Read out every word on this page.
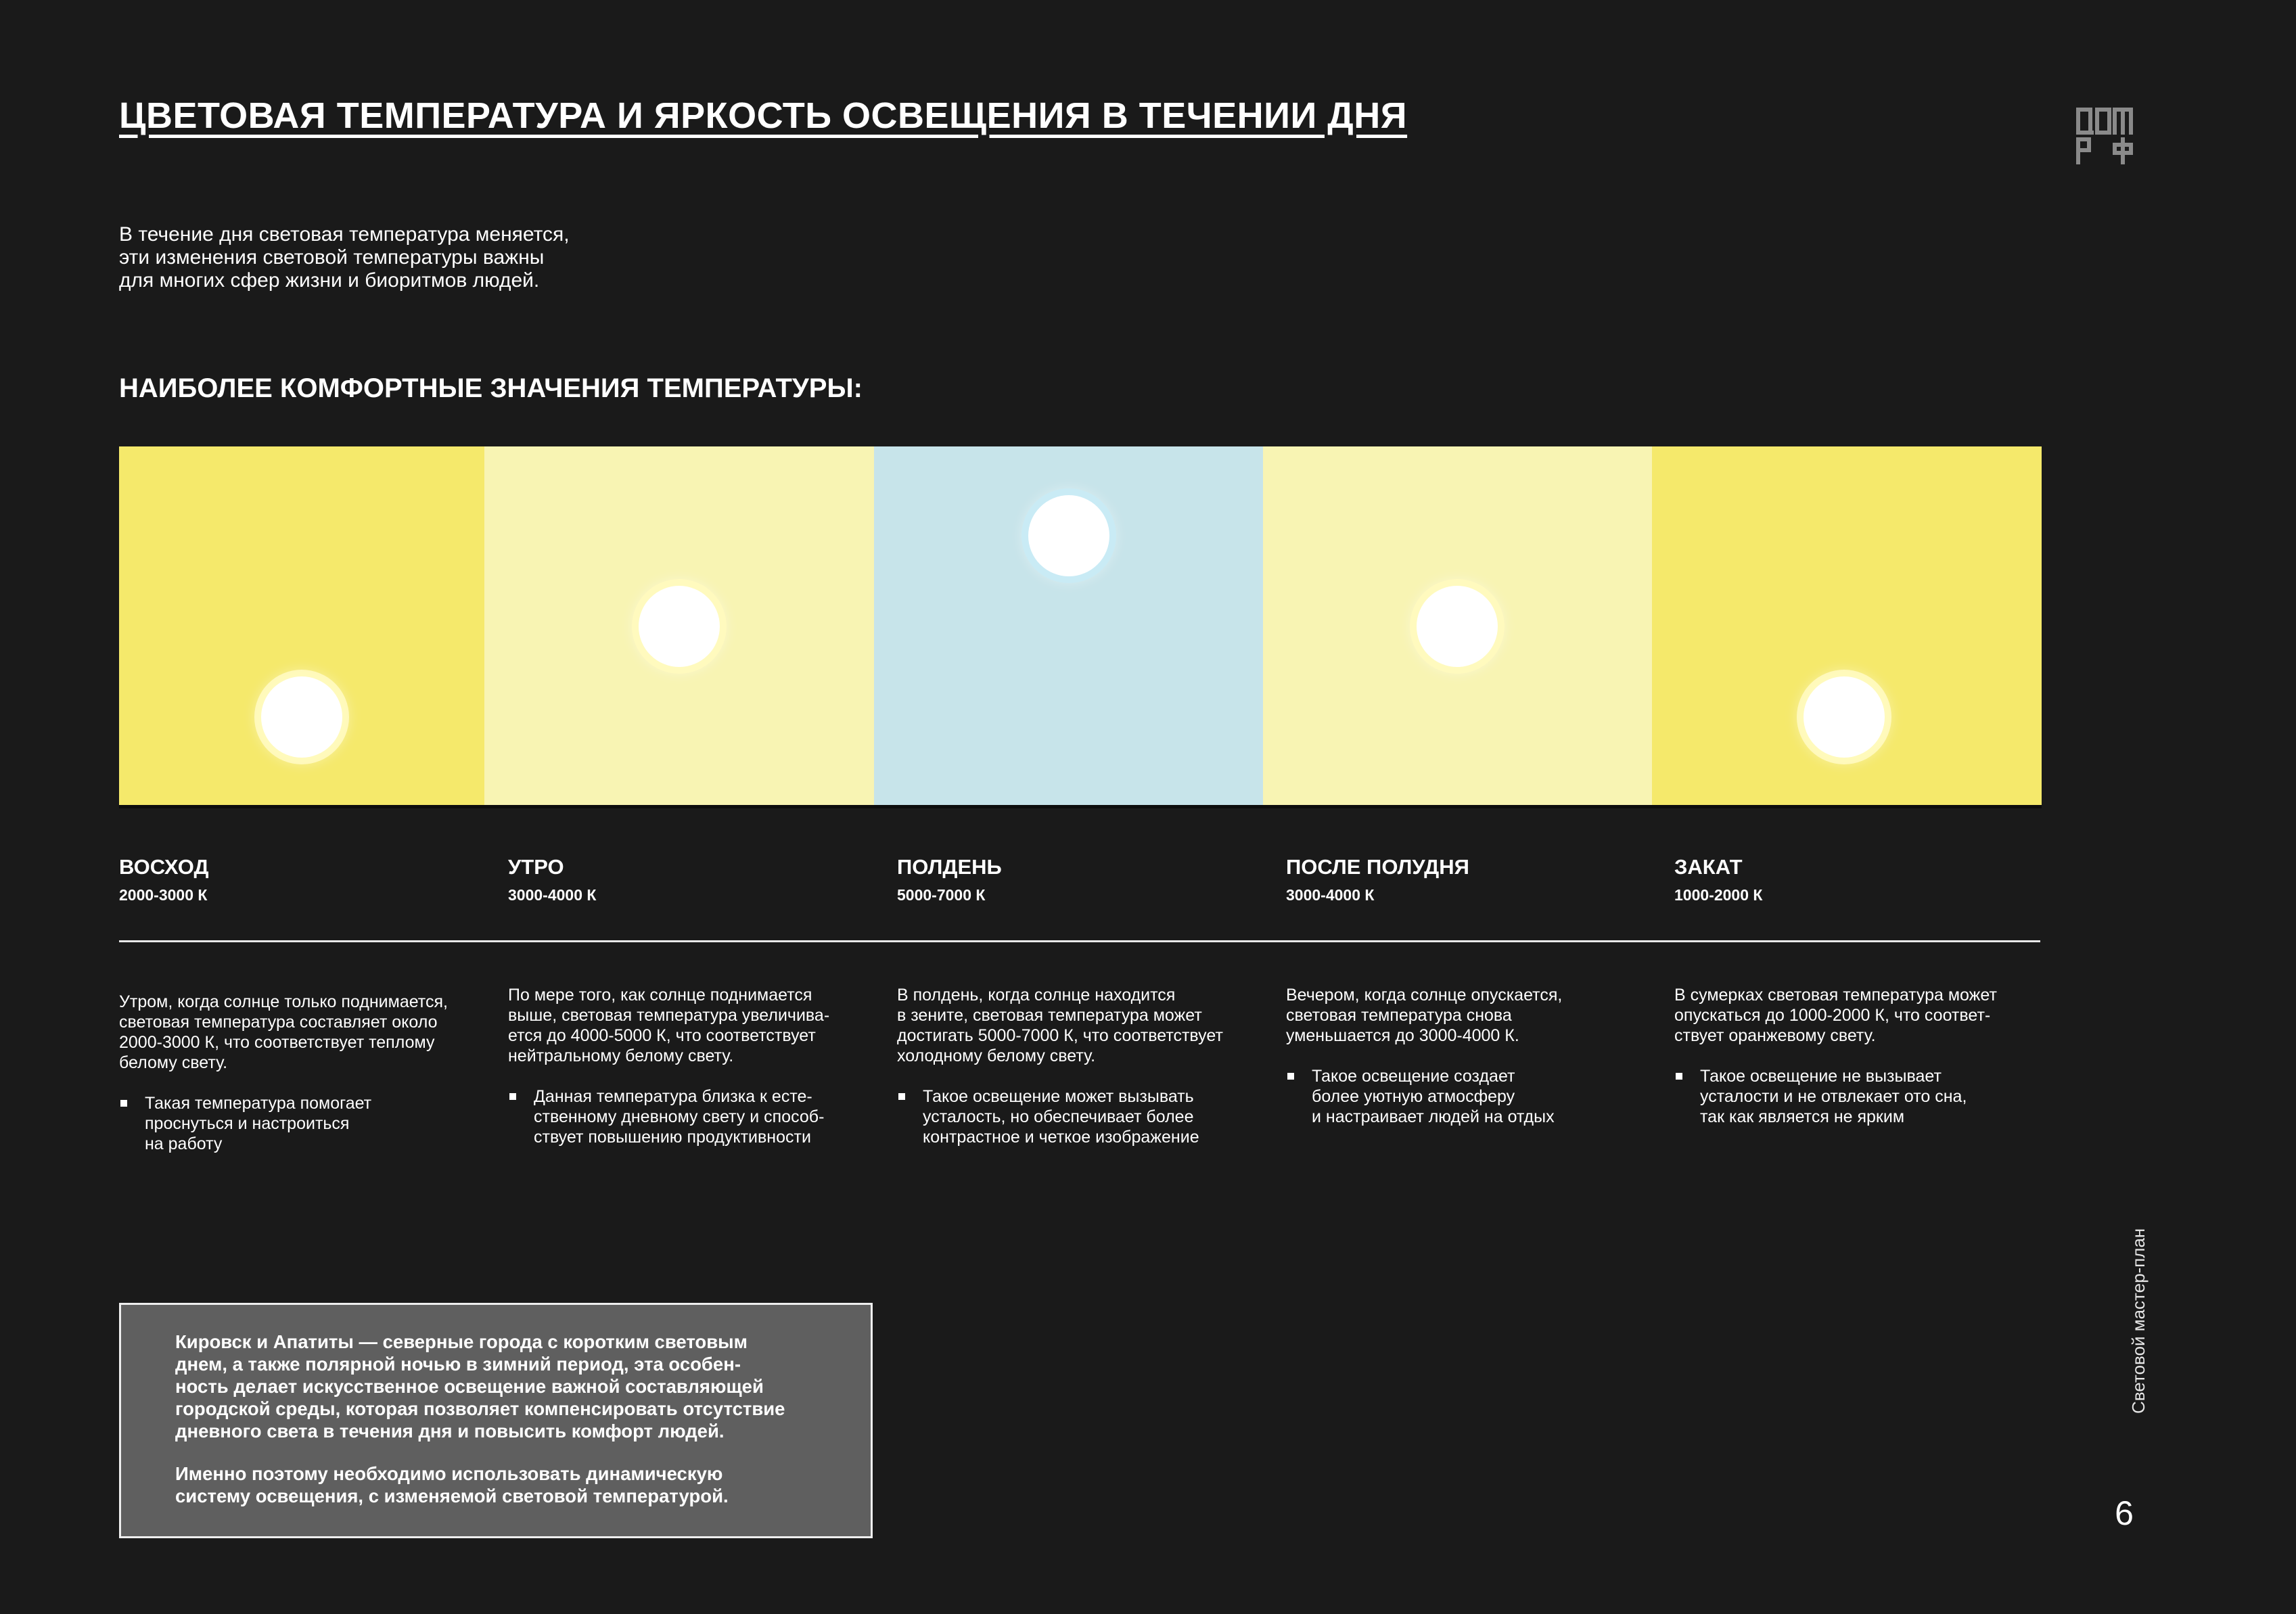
ЦВЕТОВАЯ ТЕМПЕРАТУРА И ЯРКОСТЬ ОСВЕЩЕНИЯ В ТЕЧЕНИИ ДНЯ

В течение дня световая температура меняется,

эти изменения световой температуры важны

для многих сфер жизни и биоритмов людей.

НАИБОЛЕЕ КОМФОРТНЫЕ ЗНАЧЕНИЯ ТЕМПЕРАТУРЫ:

ВОСХОД

2000-3000 К

УТРО

3000-4000 К

ПОЛДЕНЬ

5000-7000 К

ПОСЛЕ ПОЛУДНЯ

3000-4000 К

ЗАКАТ

1000-2000 К

Утром, когда солнце только поднимается,
световая температура составляет около
2000-3000 К, что соответствует теплому
белому свету.

Такая температура помогает
проснуться и настроиться
на работу

По мере того, как солнце поднимается
выше, световая температура увеличива-
ется до 4000-5000 К, что соответствует
нейтральному белому свету.

Данная температура близка к есте-
ственному дневному свету и способ-
ствует повышению продуктивности

В полдень, когда солнце находится
в зените, световая температура может
достигать 5000-7000 К, что соответствует
холодному белому свету.

Такое освещение может вызывать
усталость, но обеспечивает более
контрастное и четкое изображение

Вечером, когда солнце опускается,
световая температура снова
уменьшается до 3000-4000 К.

Такое освещение создает
более уютную атмосферу
и настраивает людей на отдых

В сумерках световая температура может
опускаться до 1000-2000 К, что соответ-
ствует оранжевому свету.

Такое освещение не вызывает
усталости и не отвлекает ото сна,
так как является не ярким

Кировск и Апатиты — северные города с коротким световым
днем, а также полярной ночью в зимний период, эта особен-
ность делает искусственное освещение важной составляющей
городской среды, которая позволяет компенсировать отсутствие
дневного света в течения дня и повысить комфорт людей.

Именно поэтому необходимо использовать динамическую
систему освещения, с изменяемой световой температурой.

Световой мастер-план
6
